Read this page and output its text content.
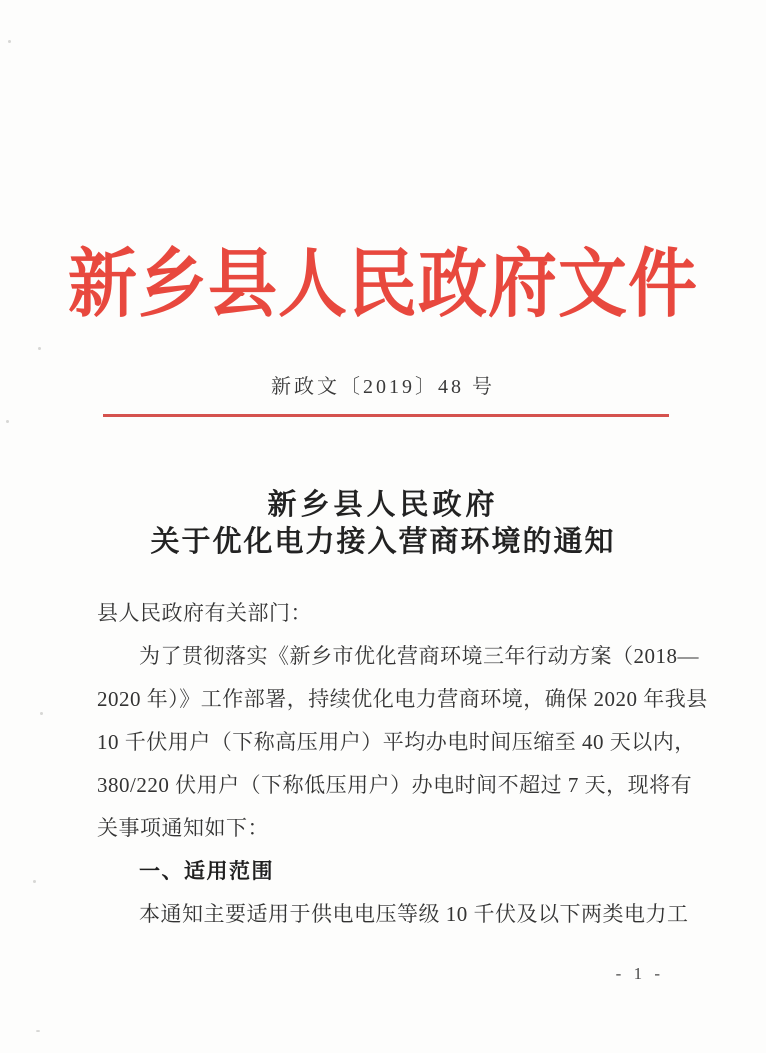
新乡县人民政府文件
新政文〔2019〕48 号
新乡县人民政府
关于优化电力接入营商环境的通知
县人民政府有关部门：
为了贯彻落实《新乡市优化营商环境三年行动方案（2018—
2020 年）》工作部署，持续优化电力营商环境，确保 2020 年我县
10 千伏用户（下称高压用户）平均办电时间压缩至 40 天以内，
380/220 伏用户（下称低压用户）办电时间不超过 7 天，现将有
关事项通知如下：
一、适用范围
本通知主要适用于供电电压等级 10 千伏及以下两类电力工
- 1 -
